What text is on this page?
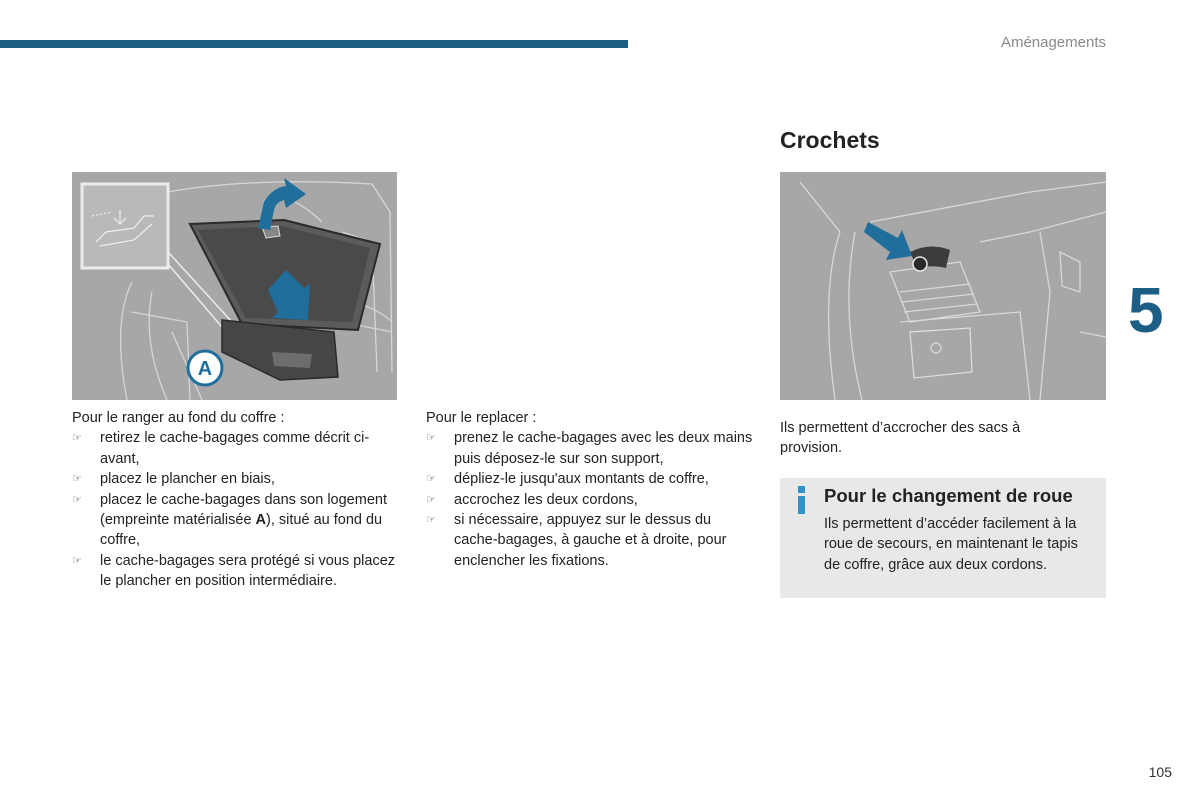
Aménagements
5
105
A
Crochets

Pour le ranger au fond du coffre :

☞ retirez le cache-bagages comme décrit ci-avant,
☞ placez le plancher en biais,
☞ placez le cache-bagages dans son logement (empreinte matérialisée A), situé au fond du coffre,
☞ le cache-bagages sera protégé si vous placez le plancher en position intermédiaire.

Pour le replacer :

☞ prenez le cache-bagages avec les deux mains puis déposez-le sur son support,
☞ dépliez-le jusqu'aux montants de coffre,
☞ accrochez les deux cordons,
☞ si nécessaire, appuyez sur le dessus du cache-bagages, à gauche et à droite, pour enclencher les fixations.
Ils permettent d’accrocher des sacs à provision.
Pour le changement de roue
Ils permettent d’accéder facilement à la roue de secours, en maintenant le tapis de coffre, grâce aux deux cordons.
